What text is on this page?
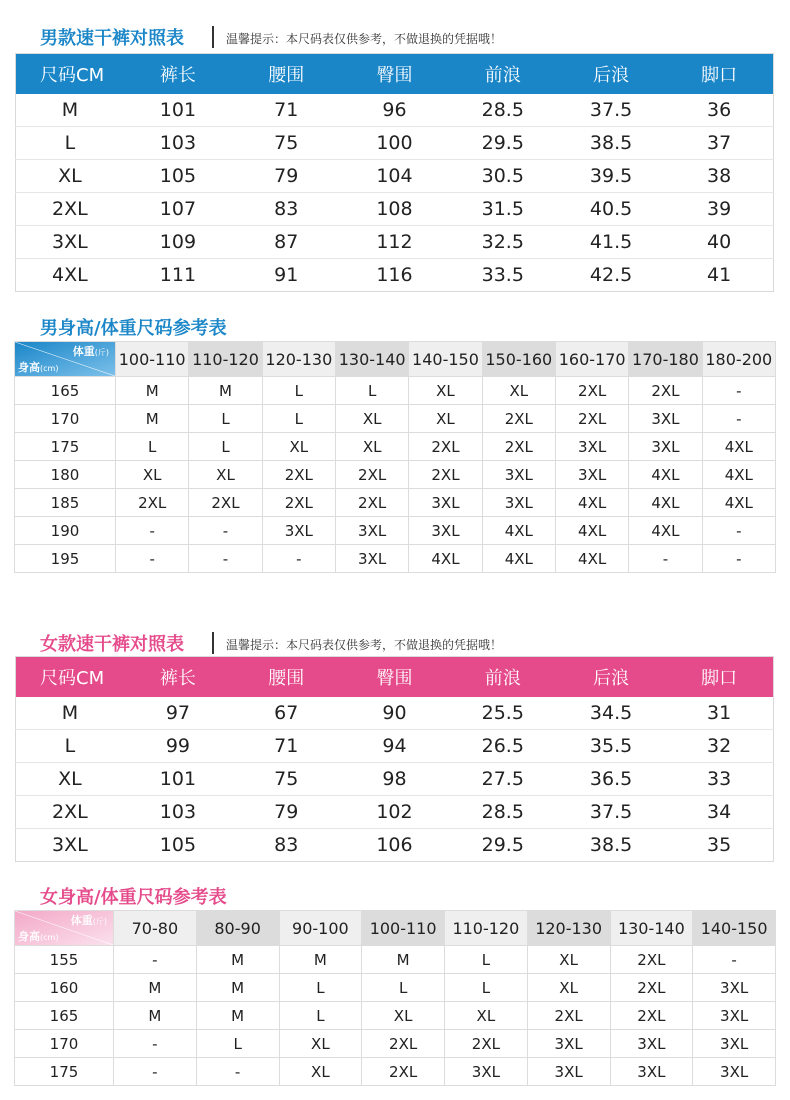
男款速干裤对照表	温馨提示：本尺码表仅供参考，不做退换的凭据哦！
尺码CM	裤长	腰围	臀围	前浪	后浪	脚口
M	101	71	96	28.5	37.5	36
L	103	75	100	29.5	38.5	37
XL	105	79	104	30.5	39.5	38
2XL	107	83	108	31.5	40.5	39
3XL	109	87	112	32.5	41.5	40
4XL	111	91	116	33.5	42.5	41
男身高/体重尺码参考表
体重(斤)
身高(cm)	100-110	110-120	120-130	130-140	140-150	150-160	160-170	170-180	180-200
165	M	M	L	L	XL	XL	2XL	2XL	-
170	M	L	L	XL	XL	2XL	2XL	3XL	-
175	L	L	XL	XL	2XL	2XL	3XL	3XL	4XL
180	XL	XL	2XL	2XL	2XL	3XL	3XL	4XL	4XL
185	2XL	2XL	2XL	2XL	3XL	3XL	4XL	4XL	4XL
190	-	-	3XL	3XL	3XL	4XL	4XL	4XL	-
195	-	-	-	3XL	4XL	4XL	4XL	-	-
女款速干裤对照表	温馨提示：本尺码表仅供参考，不做退换的凭据哦！
尺码CM	裤长	腰围	臀围	前浪	后浪	脚口
M	97	67	90	25.5	34.5	31
L	99	71	94	26.5	35.5	32
XL	101	75	98	27.5	36.5	33
2XL	103	79	102	28.5	37.5	34
3XL	105	83	106	29.5	38.5	35
女身高/体重尺码参考表
体重(斤)
身高(cm)	70-80	80-90	90-100	100-110	110-120	120-130	130-140	140-150
155	-	M	M	M	L	XL	2XL	-
160	M	M	L	L	L	XL	2XL	3XL
165	M	M	L	XL	XL	2XL	2XL	3XL
170	-	L	XL	2XL	2XL	3XL	3XL	3XL
175	-	-	XL	2XL	3XL	3XL	3XL	3XL
